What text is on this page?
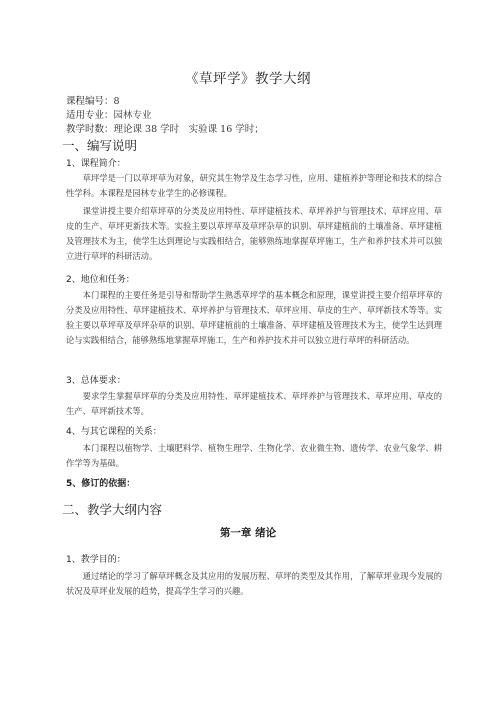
《草坪学》教学大纲
课程编号：8
适用专业：园林专业
教学时数：理论课 38 学时　实验课 16 学时；
一、编写说明
1、课程简介：
草坪学是一门以草坪草为对象，研究其生物学及生态学习性，应用、建植养护等理论和技术的综合性学科。本课程是园林专业学生的必修课程。
课堂讲授主要介绍草坪草的分类及应用特性、草坪建植技术、草坪养护与管理技术、草坪应用、草皮的生产、草坪更新技术等。实验主要以草坪草及草坪杂草的识别、草坪建植前的土壤准备、草坪建植及管理技术为主，使学生达到理论与实践相结合，能够熟练地掌握草坪施工，生产和养护技术并可以独立进行草坪的科研活动。
2、地位和任务：
本门课程的主要任务是引导和帮助学生熟悉草坪学的基本概念和原理，课堂讲授主要介绍草坪草的分类及应用特性、草坪建植技术、草坪养护与管理技术、草坪应用、草皮的生产、草坪新技术等等。实验主要以草坪草及草坪杂草的识别、草坪建植前的土壤准备、草坪建植及管理技术为主，使学生达到理论与实践相结合，能够熟练地掌握草坪施工，生产和养护技术并可以独立进行草坪的科研活动。
3、总体要求：
要求学生掌握草坪草的分类及应用特性、草坪建植技术、草坪养护与管理技术、草坪应用、草皮的生产、草坪新技术等。
4、与其它课程的关系：
本门课程以植物学、土壤肥料学、植物生理学、生物化学、农业微生物、遗传学、农业气象学、耕作学等为基础。
5、修订的依据：
二、教学大纲内容
第一章 绪论
1、教学目的：
通过绪论的学习了解草坪概念及其应用的发展历程、草坪的类型及其作用，了解草坪业现今发展的状况及草坪业发展的趋势，提高学生学习的兴趣。
